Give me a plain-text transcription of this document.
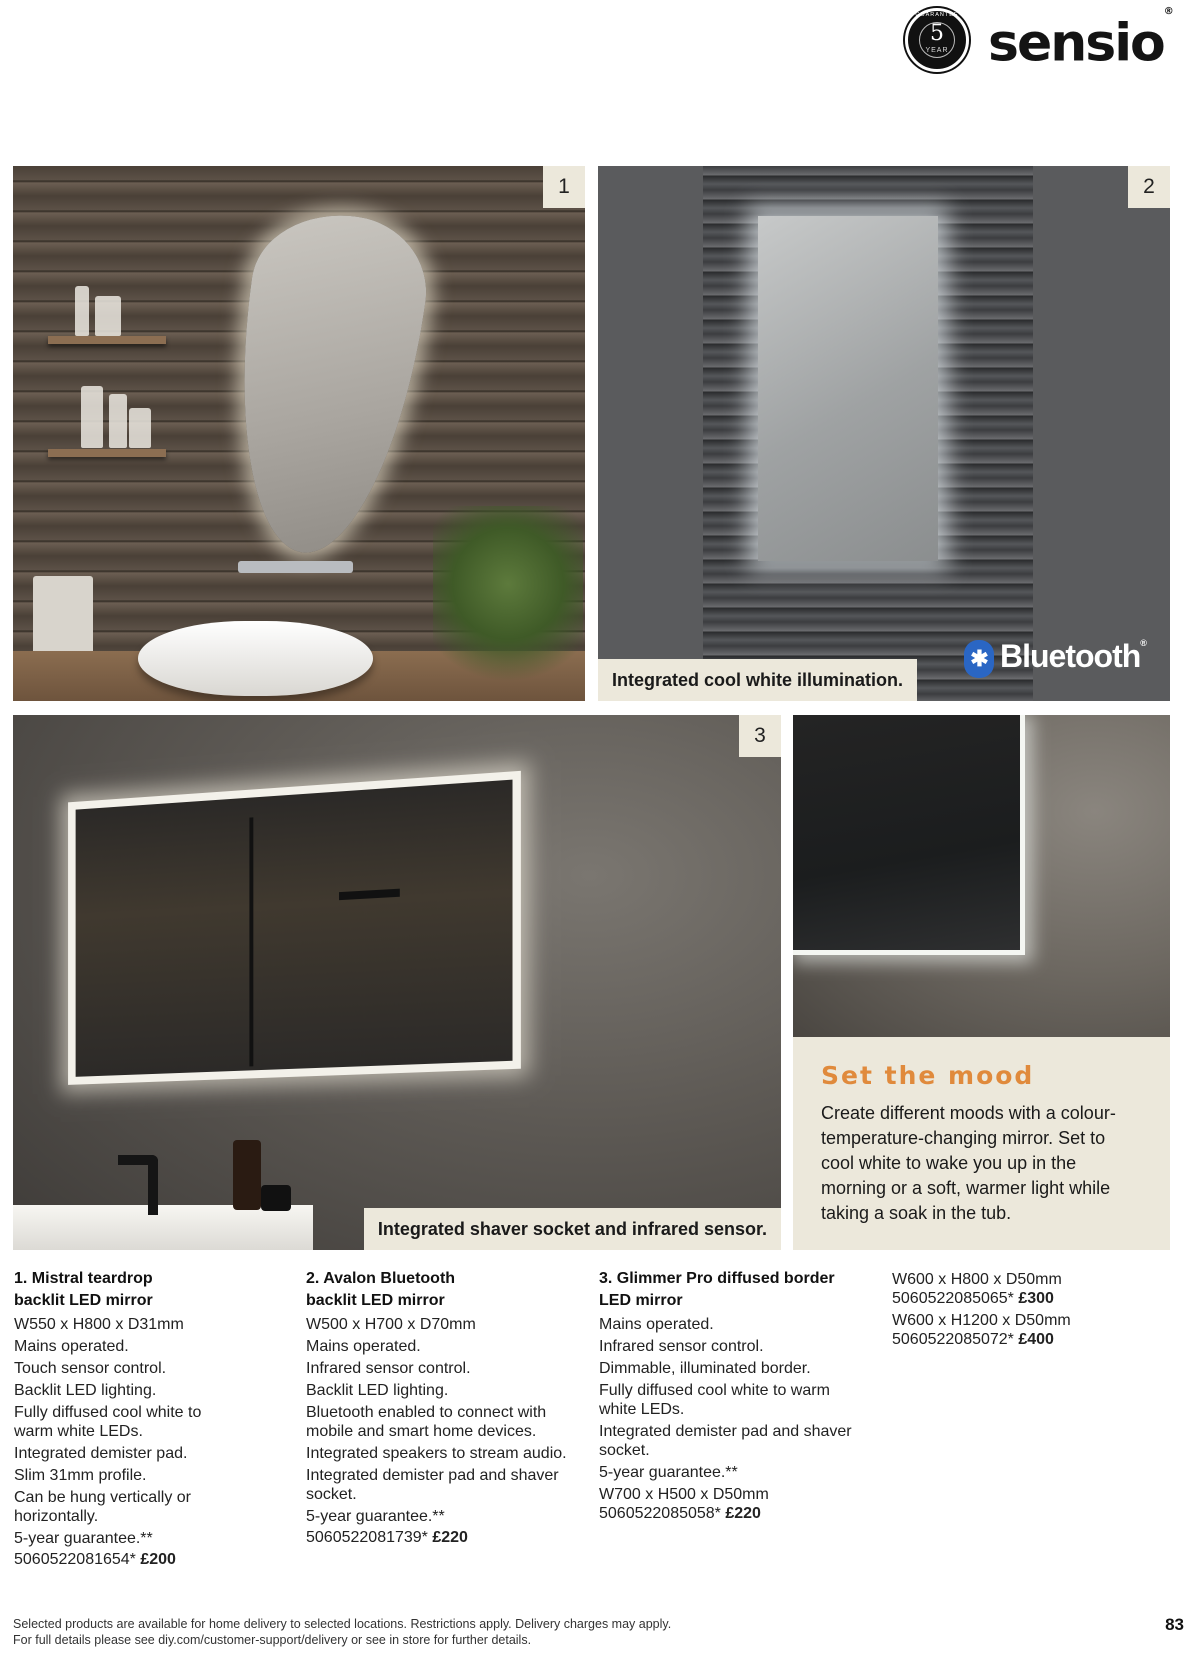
GUARANTEE
5
YEAR sensio®
1
Integrated cool white illumination.
✱ Bluetooth®
2
Integrated shaver socket and infrared sensor.
3
Set the mood
Create different moods with a colour-temperature-changing mirror. Set to cool white to wake you up in the morning or a soft, warmer light while taking a soak in the tub.
1. Mistral teardrop
backlit LED mirror
W550 x H800 x D31mm
Mains operated.
Touch sensor control.
Backlit LED lighting.
Fully diffused cool white to warm white LEDs.
Integrated demister pad.
Slim 31mm profile.
Can be hung vertically or horizontally.
5-year guarantee.**
5060522081654* £200
2. Avalon Bluetooth
backlit LED mirror
W500 x H700 x D70mm
Mains operated.
Infrared sensor control.
Backlit LED lighting.
Bluetooth enabled to connect with mobile and smart home devices.
Integrated speakers to stream audio.
Integrated demister pad and shaver socket.
5-year guarantee.**
5060522081739* £220
3. Glimmer Pro diffused border
LED mirror
Mains operated.
Infrared sensor control.
Dimmable, illuminated border.
Fully diffused cool white to warm white LEDs.
Integrated demister pad and shaver socket.
5-year guarantee.**
W700 x H500 x D50mm
5060522085058* £220
W600 x H800 x D50mm
5060522085065* £300
W600 x H1200 x D50mm
5060522085072* £400
Selected products are available for home delivery to selected locations. Restrictions apply. Delivery charges may apply.
For full details please see diy.com/customer-support/delivery or see in store for further details.
83
